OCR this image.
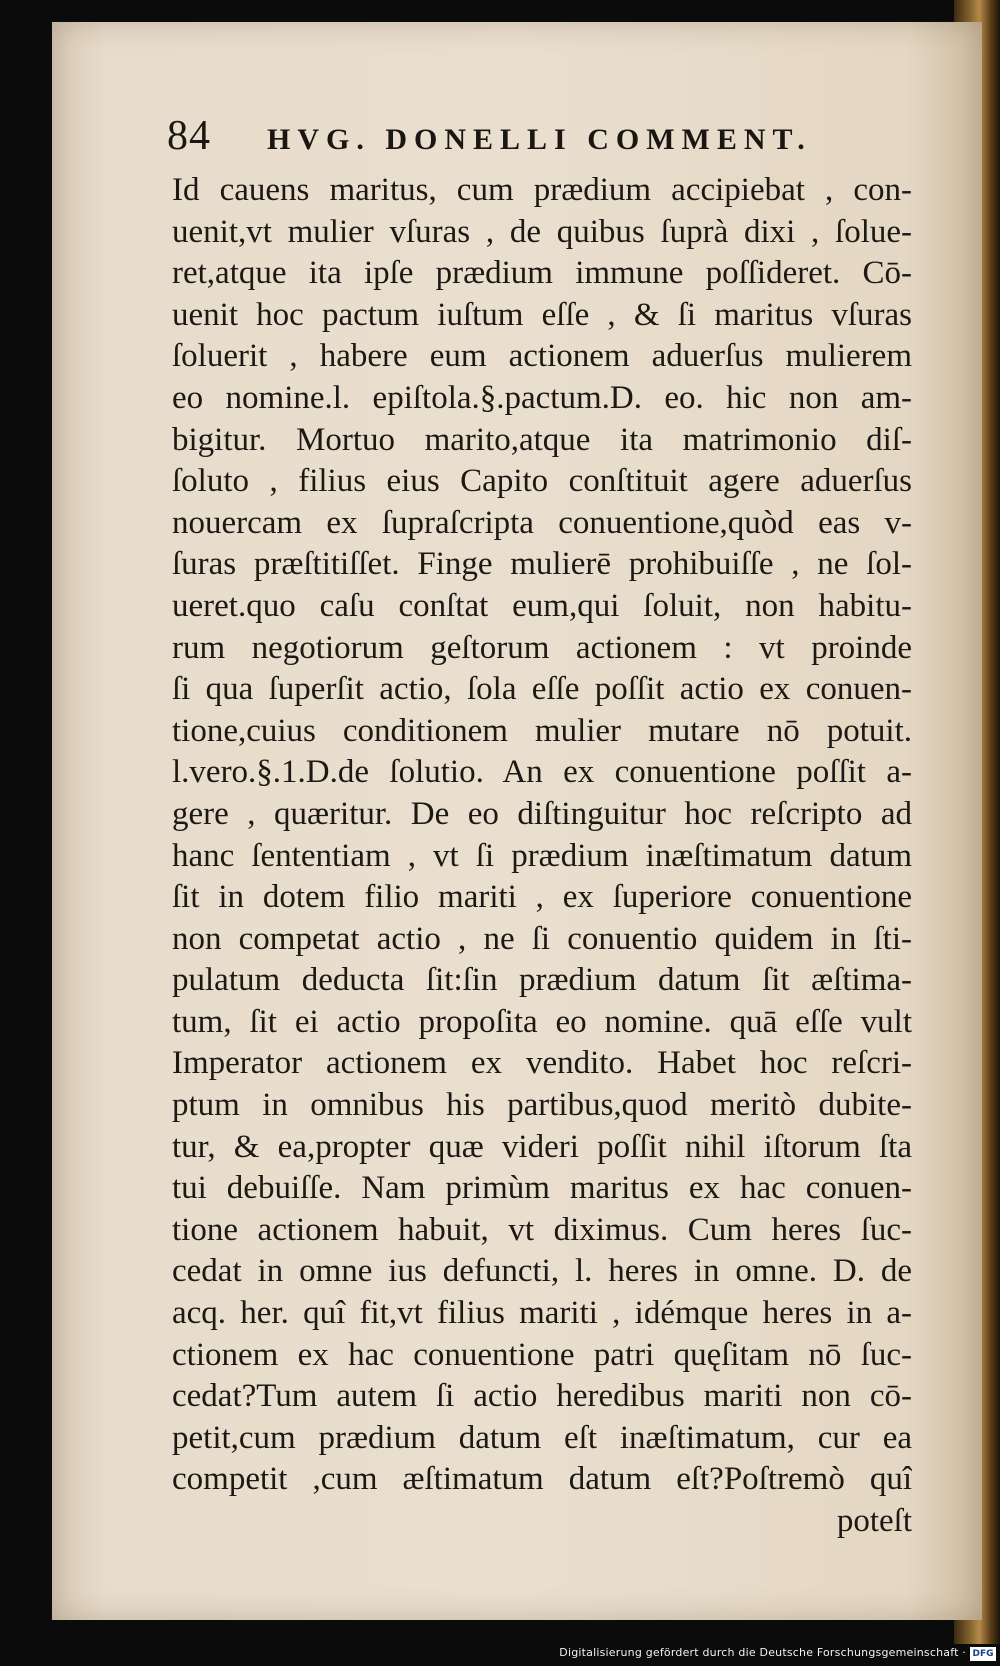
84 HVG. DONELLI COMMENT.
Id cauens maritus, cum prædium accipiebat , con-
uenit,vt mulier vſuras , de quibus ſuprà dixi , ſolue-
ret,atque ita ipſe prædium immune poſſideret. Cō-
uenit hoc pactum iuſtum eſſe , & ſi maritus vſuras
ſoluerit , habere eum actionem aduerſus mulierem
eo nomine.l. epiſtola.§.pactum.D. eo. hic non am-
bigitur. Mortuo marito,atque ita matrimonio diſ-
ſoluto , filius eius Capito conſtituit agere aduerſus
nouercam ex ſupraſcripta conuentione,quòd eas v-
ſuras præſtitiſſet. Finge mulierē prohibuiſſe , ne ſol-
ueret.quo caſu conſtat eum,qui ſoluit, non habitu-
rum negotiorum geſtorum actionem : vt proinde
ſi qua ſuperſit actio, ſola eſſe poſſit actio ex conuen-
tione,cuius conditionem mulier mutare nō potuit.
l.vero.§.1.D.de ſolutio. An ex conuentione poſſit a-
gere , quæritur. De eo diſtinguitur hoc reſcripto ad
hanc ſententiam , vt ſi prædium inæſtimatum datum
ſit in dotem filio mariti , ex ſuperiore conuentione
non competat actio , ne ſi conuentio quidem in ſti-
pulatum deducta ſit:ſin prædium datum ſit æſtima-
tum, ſit ei actio propoſita eo nomine. quā eſſe vult
Imperator actionem ex vendito. Habet hoc reſcri-
ptum in omnibus his partibus,quod meritò dubite-
tur, & ea,propter quæ videri poſſit nihil iſtorum ſta
tui debuiſſe. Nam primùm maritus ex hac conuen-
tione actionem habuit, vt diximus. Cum heres ſuc-
cedat in omne ius defuncti, l. heres in omne. D. de
acq. her. quî fit,vt filius mariti , idémque heres in a-
ctionem ex hac conuentione patri quęſitam nō ſuc-
cedat?Tum autem ſi actio heredibus mariti non cō-
petit,cum prædium datum eſt inæſtimatum, cur ea
competit ,cum æſtimatum datum eſt?Poſtremò quî
poteſt
Digitalisierung gefördert durch die Deutsche Forschungsgemeinschaft · DFG
